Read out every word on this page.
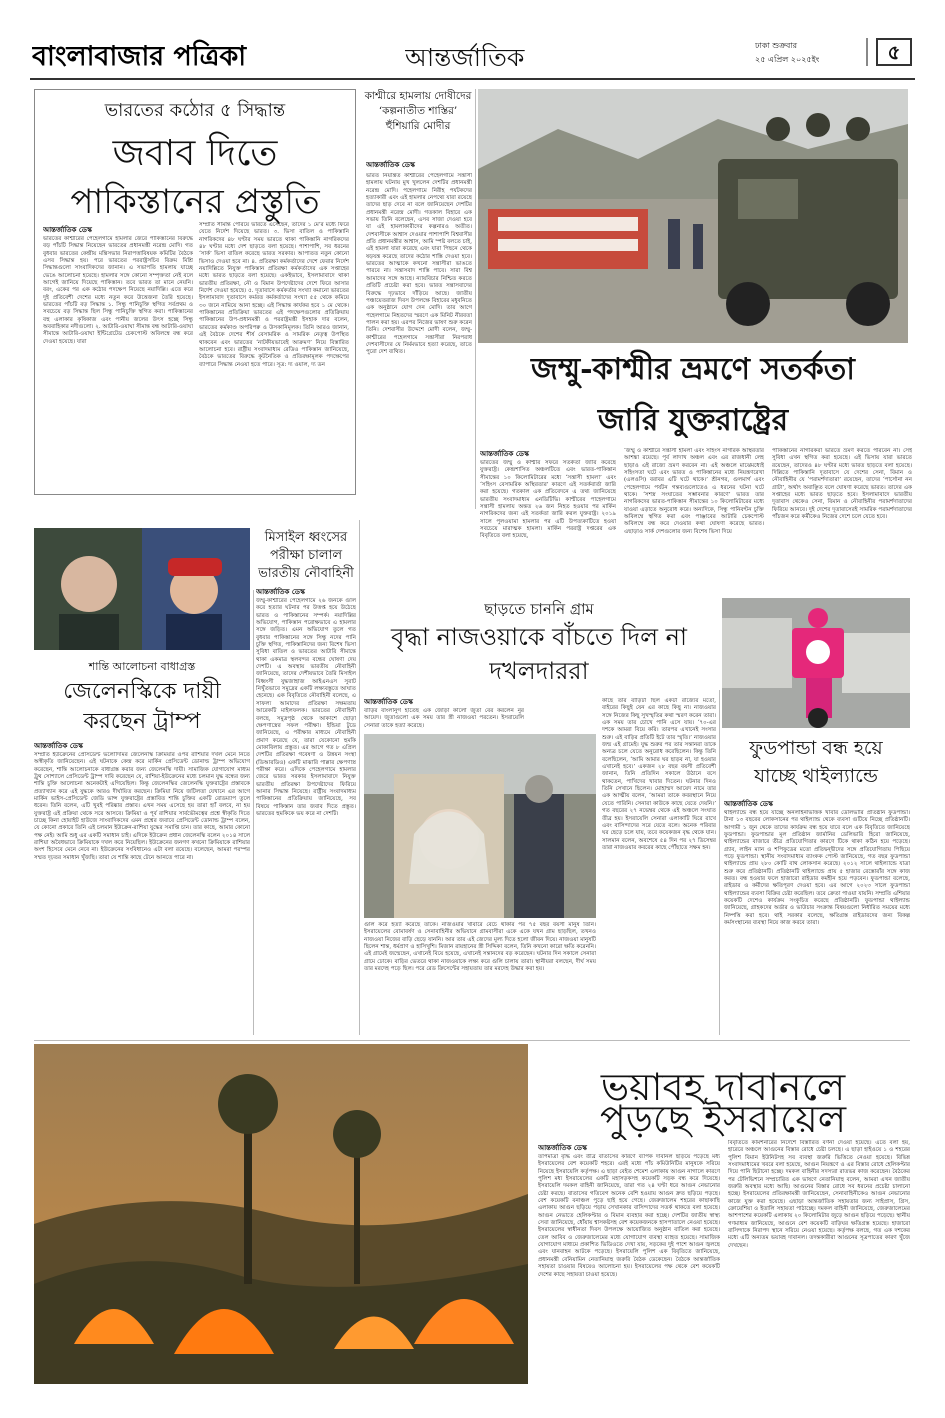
বাংলাবাজার পত্রিকা	আন্তর্জাতিক	ঢাকা শুক্রবার
২৫ এপ্রিল ২০২৫ইং	৫
ভারতের কঠোর ৫ সিদ্ধান্ত
জবাব দিতে
পাকিস্তানের প্রস্তুতি
আন্তর্জাতিক ডেস্ক
ভারতের কাশ্মীরের পেহেলগামে হামলার জেরে পাকিস্তানের বিরুদ্ধে বড় পাঁচটি সিদ্ধান্ত নিয়েছেন ভারতের প্রধানমন্ত্রী নরেন্দ্র মোদি। গত বুধবার ভারতের কেন্দ্রীয় মন্ত্রিসভার নিরাপত্তাবিষয়ক কমিটির বৈঠকে এসব সিদ্ধান্ত হয়। পরে ভারতের পররাষ্ট্রসচিব বিক্রম মিশ্রি সিদ্ধান্তগুলো সাংবাদিকদের জানান। এ সভাপতি হামলায় যাচ্ছে ভেঙে আলোচনা হয়েছে। হামলার সঙ্গে কোনো সম্পৃক্ততা নেই বলে আগেই জানিয়ে দিয়েছে পাকিস্তান। তবে ভারত তা মানে নেয়নি। বরং, একের পর এক কঠোর পদক্ষেপ নিয়েছে নয়াদিল্লি। এতে করে দুই প্রতিবেশী দেশের মধ্যে নতুন করে উত্তেজনা তৈরি হয়েছে। ভারতের পাঁচটি বড় সিদ্ধান্ত ১. সিন্ধু পানিচুক্তি স্থগিত সর্বপ্রথম ও সবচেয়ে বড় সিদ্ধান্ত ছিল সিন্ধু পানিচুক্তি স্থগিত করা। পাকিস্তানের বহু এলাকার কৃষিকাজ এবং পানীয় জলের উৎস হচ্ছে সিন্ধু অববাহিকার নদীগুলো। ২. আটারি-ওয়াঘা সীমান্ত বন্ধ আটারি-ওয়াঘা সীমান্তে আটারি-ওয়াঘা ইন্টিগ্রেটেড চেকপোস্ট অবিলম্বে বন্ধ করে দেওয়া হয়েছে। যারা
সম্প্রতি সীমান্ত পেরিয়ে ভারতে এসেছেন, তাদের ১ মে’র মধ্যে ফিরে যেতে নির্দেশ দিয়েছে ভারত। ৩. ভিসা বাতিল ও পাকিস্তানি নাগরিকদের ৪৮ ঘণ্টার সময় ভারতে থাকা পাকিস্তানি নাগরিকদের ৪৮ ঘণ্টার মধ্যে দেশ ছাড়তে বলা হয়েছে। পাশাপাশি, সব ধরনের ‘সার্ক’ ভিসা বাতিল করেছে ভারত সরকার। আপাতত নতুন কোনো ভিসাও দেওয়া হবে না। ৪. প্রতিরক্ষা কর্মকর্তাদের দেশে ফেরার নির্দেশ নয়াদিল্লিতে নিযুক্ত পাকিস্তান প্রতিরক্ষা কর্মকর্তাদের এক সপ্তাহের মধ্যে ভারত ছাড়তে বলা হয়েছে। একইভাবে, ইসলামাবাদে থাকা ভারতীয় প্রতিরক্ষা, নৌ ও বিমান উপদেষ্টাদের দেশে ফিরে আসার নির্দেশ দেওয়া হয়েছে। ৫. দূতাবাসে কর্মকর্তার সংখ্যা কমানো ভারতের ইসলামাবাদ দূতাবাসে কর্মরত কর্মকর্তাদের সংখ্যা ৫৫ থেকে কমিয়ে ৩০ জনে নামিয়ে আনা হচ্ছে। এই সিদ্ধান্ত কার্যকর হবে ১ মে থেকে। পাকিস্তানের প্রতিক্রিয়া ভারতের এই পদক্ষেপগুলোর প্রতিক্রিয়ায় পাকিস্তানের উপ-প্রধানমন্ত্রী ও পররাষ্ট্রমন্ত্রী ইসহাক দার বলেন, ভারতের কর্মকাণ্ড অপরিপক্ব ও উসকানিমূলক। তিনি আরও জানান, এই বৈঠকে দেশের শীর্ষ বেসামরিক ও সামরিক নেতৃত্ব উপস্থিত থাকবেন এবং ভারতের ‘নাটকীয়ভাবেই আক্রমণ’ নিয়ে বিস্তারিত আলোচনা হবে। রাষ্ট্রীয় সংবাদমাধ্যম রেডিও পাকিস্তান জানিয়েছে, বৈঠকে ভারতের বিরুদ্ধে কূটনৈতিক ও প্রতিরক্ষামূলক পদক্ষেপের ব্যাপারে সিদ্ধান্ত নেওয়া হতে পারে। সূত্র: দ্য ওয়াল, দ্য ডন
কাশ্মীরে হামলায় দোষীদের ‘কল্পনাতীত শাস্তির’ হুঁশিয়ারি মোদীর
আন্তর্জাতিক ডেস্ক
ভারত নিয়ন্ত্রিত কাশ্মীরের পেহেলগামে সন্ত্রাসী হামলায় ঘটনায় মুখ খুললেন দেশটির প্রধানমন্ত্রী নরেন্দ্র মোদি। পহেলগামে নিরীহ পর্যটকদের হত্যাকারী এবং এই হামলার নেপথ্যে যারা রয়েছে তাদের ছাড় দেবে না বলে জানিয়েছেন দেশটির প্রধানমন্ত্রী নরেন্দ্র মোদী। গতকাল বিহারে এক সভায় তিনি বলেছেন, এসব সাজা দেওয়া হবে যা এই হামলাকারীদের কল্পনারও অতীত। দেশবাসীকে আশ্বাস দেওয়ার পাশাপাশি বিশ্ববাসীর প্রতি প্রধানমন্ত্রীর আশ্বাস, আমি স্পষ্ট বলতে চাই, এই হামলা যারা করেছে এবং যারা পিছনে থেকে ষড়যন্ত্র করেছে তাদের কঠোর শাস্তি দেওয়া হবে। ভারতের আত্মাকে কখনো সন্ত্রাসীরা ভাঙতে পারবে না। সন্ত্রাসবাদ শাস্তি পাবে। সারা বিশ্ব আমাদের সঙ্গে আছে। ন্যায়বিচার নিশ্চিত করতে প্রতিটি প্রচেষ্টা করা হবে। ভারত সন্ত্রাসবাদের বিরুদ্ধে দৃঢ়ভাবে দাঁড়িয়ে আছে। জাতীয় পঞ্চায়েতরাজ দিবস উপলক্ষে বিহারের মধুবনিতে এক অনুষ্ঠানে যোগ দেন মোদি। তার আগে পহেলগামে নিহতদের স্মরণে এক মিনিট নীরবতা পালন করা হয়। এরপর নিজের ভাষণ শুরু করেন তিনি। দেশবাসীর উদ্দেশে মোদী বলেন, জম্মু-কাশ্মীরের পহেলগামে সন্ত্রাসীরা নিরপরাধ দেশবাসীদের যে নির্মমভাবে হত্যা করেছে, তাতে পুরো দেশ ব্যথিত।	জম্মু-কাশ্মীর ভ্রমণে সতর্কতা
জারি যুক্তরাষ্ট্রের
আন্তর্জাতিক ডেস্ক
ভারতের জম্মু ও কাশ্মীর সফরে সতর্কতা জারি করেছে যুক্তরাষ্ট্র। কেন্দ্রশাসিত অঞ্চলটিতে এবং ভারত-পাকিস্তান সীমান্তের ১০ কিলোমিটারের মধ্যে ‘সন্ত্রাসী হামলা’ এবং ‘সহিংস বেসামরিক অস্থিরতার’ কারণে এই সতর্কবার্তা জারি করা হয়েছে। গতকাল এক প্রতিবেদনে এ তথ্য জানিয়েছে ভারতীয় সংবাদমাধ্যম এনডিটিভি। কাশ্মীরের পাহেলগামে সন্ত্রাসী হামলায় অন্তত ২৬ জন নিহত হওয়ার পর মার্কিন নাগরিকদের জন্য এই সতর্কতা জারি করল যুক্তরাষ্ট্র। ২০১৯ সালে পুলওয়ামা হামলার পর এটি উপত্যকাটিতে হওয়া সবচেয়ে মারাত্মক হামলা। মার্কিন পররাষ্ট্র দপ্তরের এক বিবৃতিতে বলা হয়েছে,
‘জম্মু ও কাশ্মীরে সন্ত্রাসী হামলা এবং সহিংস নাগরিক অস্থিরতার আশঙ্কা রয়েছে। পূর্ব লাদাখ অঞ্চল এবং এর রাজধানী লেহ ছাড়াও এই রাজ্যে ভ্রমণ করবেন না। এই অঞ্চলে মাঝেমধ্যেই সহিংসতা ঘটে এবং ভারত ও পাকিস্তানের মধ্যে নিয়ন্ত্রণরেখা (এলওসি) বরাবর এটি ঘটে থাকে।’ শ্রীনগর, গুলমার্গ এবং পেহেলগামে পর্যটন গন্তব্যগুলোতেও এ ধরনের ঘটনা ঘটে থাকে। ‘সশস্ত্র সংঘাতের সম্ভাবনার কারণে’ ভারত তার নাগরিকদের ভারত-পাকিস্তান সীমান্তের ১০ কিলোমিটারের মধ্যে যাওয়া এড়াতে অনুরোধ করে। অন্যদিকে, সিন্ধু পানিবণ্টন চুক্তি অবিলম্বে স্থগিত করা এবং পাঞ্জাবের আটারি চেকপোস্ট অবিলম্বে বন্ধ করে দেওয়ার কথা ঘোষণা করেছে ভারত। এছাড়াও সার্ক দেশগুলোর জন্য বিশেষ ভিসা দিয়ে
পাকিস্তানের নাগরিকরা ভারতে ভ্রমণ করতে পারবেন না। সেই সুবিধা এখন স্থগিত করা হয়েছে। এই ভিসায় যারা ভারতে রয়েছেন, তাদেরও ৪৮ ঘণ্টার মধ্যে ভারত ছাড়তে বলা হয়েছে। দিল্লিতে পাকিস্তানি দূতাবাসে যে দেশের সেনা, বিমান ও নৌবাহিনীর যে ‘পরামর্শদাতারা’ রয়েছেন, তাদের ‘পার্সোনা নন গ্রাটা’, অর্থাৎ অবাঞ্ছিত বলে ঘোষণা করেছে ভারত। তাদের এক সপ্তাহের মধ্যে ভারত ছাড়তে হবে। ইসলামাবাদে ভারতীয় দূতাবাস থেকেও সেনা, বিমান ও নৌবাহিনীর পরামর্শদাতাদের ফিরিয়ে আনবে। দুই দেশের দূতাবাসেরই সামরিক পরামর্শদাতাদের পাঁচজন করে কর্মীকেও নিজের দেশে চলে যেতে হবে।
শান্তি আলোচনা বাধাগ্রস্ত
জেলেনস্কিকে দায়ী
করছেন ট্রাম্প
আন্তর্জাতিক ডেস্ক
সম্প্রতি ইউক্রেনের প্রেসিডেন্ট ভলোদিমির জেলেনস্কি ক্রিমিয়ার ওপর রাশিয়ার দখল মেনে নিতে অস্বীকৃতি জানিয়েছেন। এই ঘটনাকে কেন্দ্র করে মার্কিন প্রেসিডেন্ট ডোনাল্ড ট্রাম্প অভিযোগ করেছেন, শান্তি আলোচনাকে বাধাগ্রস্ত করার জন্য জেলেনস্কি দায়ী। সামাজিক যোগাযোগ মাধ্যম ট্রুথ সোশ্যালে প্রেসিডেন্ট ট্রাম্প দাবি করেছেন যে, রাশিয়া-ইউক্রেনের মধ্যে চলমান যুদ্ধ বন্ধের জন্য শান্তি চুক্তি আলোচনা অনেকটাই এগিয়েছিল। কিন্তু জেলেনস্কির জেলেনস্কি যুক্তরাষ্ট্রের প্রস্তাবকে প্রত্যাখ্যান করে এই যুদ্ধকে আরও দীর্ঘায়িত করছেন। ক্রিমিয়া নিয়ে জটিলতা যেখানে এর আগে মার্কিন ভাইস-প্রেসিডেন্ট জেডি ভান্স যুক্তরাষ্ট্রের প্রস্তাবিত শান্তি চুক্তির একটি রোডম্যাপ তুলে ধরেন। তিনি বলেন, এটি খুবই পরিষ্কার প্রস্তাব। এখন সময় এসেছে হয় তারা হ্যাঁ বলবে, না হয় যুক্তরাষ্ট্র এই প্রক্রিয়া থেকে সরে আসবে। ক্রিমিয়া ও পূর্ব রাশিয়ার সার্বভৌমত্বের প্রশ্নে স্বীকৃতি দিতে চাচ্ছে কিনা হোয়াইট হাউজে সাংবাদিকদের এমন প্রশ্নের জবাবে প্রেসিডেন্ট ডোনাল্ড ট্রাম্প বলেন, যে কোনো প্রকারে তিনি এই চলমান ইউক্রেন-রাশিয়া যুদ্ধের সমাপ্তি চান। তার কাছে, আমার কোনো পক্ষ নেই। আমি শুধু এর একটি সমাধান চাই। এদিকে ইউক্রেন প্রধান জেলেনস্কি বলেন ২০১৪ সালে রাশিয়া অবৈধভাবে ক্রিমিয়াকে দখল করে নিয়েছিল। ইউক্রেনের জনগণ কখনো ক্রিমিয়াকে রাশিয়ার অংশ হিসেবে মেনে নেবে না। ইউক্রেনের সংবিধানেও এটা বলা রয়েছে। বলেছেন, আমরা পরস্পর সম্মত দৃঢ়তর সমাধান খুঁজছি। তারা যে শান্তি কাছে টেনে আনতে পারে না।
মিসাইল ধ্বংসের
পরীক্ষা চালাল
ভারতীয় নৌবাহিনী
আন্তর্জাতিক ডেস্ক
জম্মু-কাশ্মীরের পেহেলগামে ২৬ জনকে গুলি করে হত্যার ঘটনার পর উত্তপ্ত হয়ে উঠেছে ভারত ও পাকিস্তানের সম্পর্ক। নয়াদিল্লির অভিযোগ, পাকিস্তান পরোক্ষভাবে এ হামলার সঙ্গে জড়িত। এমন অভিযোগ তুলে গত বুধবার পাকিস্তানের সঙ্গে সিন্ধু নদের পানি চুক্তি স্থগিত, পাকিস্তানিদের জন্য বিশেষ ভিসা সুবিধা বাতিল ও ভারতের আটারি সীমান্তে থাকা একমাত্র স্থলবন্দর বন্ধের ঘোষণা দেয় দেশটি। এ অবস্থায় ভারতীয় নৌবাহিনী জানিয়েছে, তাদের দেশীয়ভাবে তৈরি মিসাইল বিধ্বংসী যুদ্ধজাহাজ আইএনএস সুরাট নিখুঁতভাবে সমুদ্রের একটি লক্ষ্যবস্তুতে আঘাত হেনেছে। এক বিবৃতিতে নৌবাহিনী বলেছে, এ সাফল্য আমাদের প্রতিরক্ষা সক্ষমতায় আরেকটি মাইলফলক। ভারতের নৌবাহিনী বলছে, সমুদ্রপৃষ্ঠ থেকে আকাশে ছোড়া ক্ষেপণাস্ত্রের সফল পরীক্ষা। ইন্ডিয়া টুডে জানিয়েছে, এ পরীক্ষার মাধ্যমে নৌবাহিনী প্রমাণ করেছে যে, তারা যেকোনো হুমকি মোকাবিলায় প্রস্তুত। এর আগে গত ৮ এপ্রিল দেশটির প্রতিরক্ষা গবেষণা ও উন্নয়ন সংস্থা (ডিআরডিও) একটি মাঝারি পাল্লার ক্ষেপণাস্ত্র পরীক্ষা করে। এদিকে পেহেলগামে হামলার জেরে ভারত সরকার ইসলামাবাদে নিযুক্ত ভারতীয় প্রতিরক্ষা উপদেষ্টাদের ফিরিয়ে আনার সিদ্ধান্ত নিয়েছে। রাষ্ট্রীয় সংবাদমাধ্যম পাকিস্তানের প্রতিক্রিয়ায় জানিয়েছে, সব বিষয়ে পাকিস্তান তার জবাব দিতে প্রস্তুত। ভারতের হুমকিকে ভয় করে না দেশটি।
ছাড়তে চাননি গ্রাম
বৃদ্ধা নাজওয়াকে বাঁচতে দিল না দখলদাররা
আন্তর্জাতিক ডেস্ক
বাড়ির বাংলানুগ হাতেছ এক জোড়া কালো জুতা বের করলেন নুর আয়েদ। জুতাগুলো এক সময় তার স্ত্রী নাজওয়া পরতেন। ইসরায়েলি সেনারা তাকে হত্যা করেছে।
গুলি করে হত্যা করেছে তাকে। নাজওয়ার খাবারে বেঁচে থাকার পর ৭৫ বছর বয়সী মানুষ তিনি। ইসরায়েলের বোমাবর্ষণ ও সেনাবাহিনীর অভিযানে গ্রামবাসীরা একে একে যখন গ্রাম ছাড়ছিল, তখনও নাজওয়া নিজের বাড়ি ছেড়ে যাননি। আর তার এই জেদের মূল্য দিতে হলো জীবন দিয়ে। নাজওয়া মানুষটি ছিলেন শান্ত, ধর্মপ্রাণ ও হাসিখুশি। মিজান রায়হানের স্ত্রী সিদ্দিকা বলেন, তিনি কখনো কারো ক্ষতি করেননি। এই গ্রামেই জন্মেছেন, এখানেই বিয়ে হয়েছে, এখানেই সন্তানদের বড় করেছেন। ঘটনার দিন সকালে সেনারা গ্রামে ঢোকে। বাড়ির ভেতরে থাকা নাজওয়াকে লক্ষ্য করে গুলি চালায় তারা। স্থানীয়রা বলছেন, দীর্ঘ সময় তার মরদেহ পড়ে ছিল। পরে রেড ক্রিসেন্টের সহায়তায় তার মরদেহ উদ্ধার করা হয়।
কাছে তার বাড়িটা ছিল একটা রাজ্যের মতো, বাইরের কিছুই যেন এর কাছে কিছু না। নাজওয়ার সঙ্গে নিজের কিছু সুখস্মৃতির কথা স্মরণ করেন তারা। এক সময় তার চোখে পানি এসে যায়। ‘৭০-এর দশকে আমরা বিয়ে করি। তারপর এখানেই সংসার শুরু। এই বাড়ির প্রতিটি ইটে তার স্মৃতি।’ নাজওয়ার জন্ম এই গ্রামেই। যুদ্ধ শুরুর পর তার সন্তানরা তাকে অন্যত্র চলে যেতে অনুরোধ করেছিলেন। কিন্তু তিনি বলেছিলেন, ‘আমি আমার ঘর ছাড়ব না, যা হওয়ার এখানেই হবে।’ একজন ২৮ বছর বয়সী প্রতিবেশী জানান, তিনি প্রতিদিন সকালে উঠানে বসে থাকতেন, পাখিদের খাবার দিতেন। ঘটনার দিনও তিনি সেখানে ছিলেন। মোহাম্মদ আয়েদ নামে তার এক আত্মীয় বলেন, ‘আমরা তাকে কবরস্থানে নিয়ে যেতে পারিনি। সেনারা কাউকে কাছে যেতে দেয়নি।’ গত বছরের ২৭ নভেম্বর থেকে এই অঞ্চলে সংঘাত তীব্র হয়। ইসরায়েলি সেনারা এলাকাটি ঘিরে রাখে এবং বাসিন্দাদের সরে যেতে বলে। অনেক পরিবার ঘর ছেড়ে চলে যায়, তবে কয়েকজন বৃদ্ধ থেকে যান। সালমান বলেন, অবশেষে ৫৪ দিন পর ২৭ ডিসেম্বর তারা নাজওয়ার কবরের কাছে পৌঁছাতে সক্ষম হন।
ফুডপান্ডা বন্ধ হয়ে
যাচ্ছে থাইল্যান্ডে
আন্তর্জাতিক ডেস্ক
থাইল্যান্ডে বন্ধ হয়ে যাচ্ছে অনলাইনভিত্তিক খাবার ডেলিভারি প্রতিষ্ঠান ফুডপান্ডা। টানা ১৩ বছরের লোকসানের পর থাইল্যান্ড থেকে ব্যবসা গুটিয়ে নিচ্ছে প্রতিষ্ঠানটি। আগামী ১ জুন থেকে তাদের কার্যক্রম বন্ধ হয়ে যাবে বলে এক বিবৃতিতে জানিয়েছে ফুডপান্ডা। ফুডপান্ডার মূল প্রতিষ্ঠান জার্মানির ডেলিভারি হিরো জানিয়েছে, থাইল্যান্ডের বাজারে তীব্র প্রতিযোগিতার কারণে টিকে থাকা কঠিন হয়ে পড়েছে। গ্র্যাব, লাইন ম্যান ও শপিফুডের মতো প্রতিদ্বন্দ্বীদের সঙ্গে প্রতিযোগিতায় পিছিয়ে পড়ে ফুডপান্ডা। স্থানীয় সংবাদমাধ্যম ব্যাংকক পোস্ট জানিয়েছে, গত বছর ফুডপান্ডা থাইল্যান্ডে প্রায় ২৮০ কোটি বাথ লোকসান করেছে। ২০১২ সালে থাইল্যান্ডে যাত্রা শুরু করে প্রতিষ্ঠানটি। প্রতিষ্ঠানটি থাইল্যান্ডে প্রায় ৫ হাজার রেস্তোরাঁর সঙ্গে কাজ করত। বন্ধ হওয়ার ফলে হাজারো রাইডার কর্মহীন হয়ে পড়বেন। ফুডপান্ডা বলেছে, রাইডার ও কর্মীদের ক্ষতিপূরণ দেওয়া হবে। এর আগে ২০২৩ সালে ফুডপান্ডা থাইল্যান্ডের ব্যবসা বিক্রির চেষ্টা করেছিল। তবে ক্রেতা পাওয়া যায়নি। সম্প্রতি এশিয়ার কয়েকটি দেশেও কার্যক্রম সংকুচিত করেছে প্রতিষ্ঠানটি। ফুডপান্ডা থাইল্যান্ড জানিয়েছে, গ্রাহকদের অর্ডার ও ভাউচার সংক্রান্ত বিষয়গুলো নির্ধারিত সময়ের মধ্যে নিষ্পত্তি করা হবে। থাই সরকার বলেছে, ক্ষতিগ্রস্ত রাইডারদের জন্য বিকল্প কর্মসংস্থানের ব্যবস্থা নিয়ে কাজ করবে তারা।
ভয়াবহ দাবানলে
পুড়ছে ইসরায়েল
আন্তর্জাতিক ডেস্ক
তাপমাত্রা বৃদ্ধি এবং তীব্র বাতাসের কারণে ব্যাপক দাবানল ছড়িয়ে পড়েছে মধ্য ইসরায়েলের বেশ কয়েকটি শহরে। এরই মধ্যে পাঁচ কমিউনিটির মানুষকে সরিয়ে নিয়েছে ইসরায়েলি কর্তৃপক্ষ। এ ছাড়া বেইত শেমেশ এলাকায় আগুন নাগালে কারণে পুলিশ মধ্য ইসরায়েলের একটি মহাসড়কসহ কয়েকটি সড়ক বন্ধ করে দিয়েছে। ইসরায়েলি দমকল বাহিনী জানিয়েছে, তারা গত ২৪ ঘণ্টা ধরে আগুন নেভানোর চেষ্টা করছে। বাতাসের গতিবেগ অনেক বেশি হওয়ায় আগুন দ্রুত ছড়িয়ে পড়ছে। বেশ কয়েকটি বনাঞ্চল পুড়ে ছাই হয়ে গেছে। জেরুজালেম শহরের কাছাকাছি এলাকায় আগুন ছড়িয়ে পড়ায় সেখানকার বাসিন্দাদের সতর্ক থাকতে বলা হয়েছে। আগুন নেভাতে হেলিকপ্টার ও বিমান ব্যবহার করা হচ্ছে। দেশটির জাতীয় স্বাস্থ্য সেবা জানিয়েছে, ধোঁয়ায় শ্বাসকষ্টসহ বেশ কয়েকজনকে হাসপাতালে নেওয়া হয়েছে। ইসরায়েলের স্বাধীনতা দিবস উপলক্ষে আয়োজিত অনুষ্ঠান বাতিল করা হয়েছে। তেল আবিব ও জেরুজালেমের মধ্যে যোগাযোগ ব্যবস্থা ব্যাহত হয়েছে। সামাজিক যোগাযোগ মাধ্যমে প্রকাশিত ভিডিওতে দেখা যায়, সড়কের দুই পাশে আগুন জ্বলছে এবং যানবাহন আটকে পড়েছে। ইসরায়েলি পুলিশ এক বিবৃতিতে জানিয়েছে, প্রধানমন্ত্রী বেনিয়ামিন নেতানিয়াহু জরুরি বৈঠক ডেকেছেন। বৈঠকে আন্তর্জাতিক সহায়তা চাওয়ার বিষয়েও আলোচনা হয়। ইসরায়েলের পক্ষ থেকে বেশ কয়েকটি দেশের কাছে সহায়তা চাওয়া হয়েছে।
বিবৃতিতে কমিশনারের নির্দেশে বিস্তারিত বর্ণনা দেওয়া হয়েছে। এতে বলা হয়, হারেরে অঞ্চলে আগুনের বিস্তার রোধে চেষ্টা চলছে। এ ছাড়া হাইওয়ে ১ ও শহরের পুলিশ বিমান ইউনিটসহ সব ব্যবস্থা জরুরি ভিত্তিতে নেওয়া হয়েছে। বিভিন্ন সংবাদমাধ্যমের খবরে বলা হয়েছে, আগুন নিয়ন্ত্রণে ও এর বিস্তার রোধে হেলিকপ্টার দিয়ে পানি ছিটানো হচ্ছে। দমকল বাহিনীর সদস্যরা রাতভর কাজ করেছেন। বৈঠকের পর টেলিভিশনে সম্প্রচারিত এক ভাষণে নেতানিয়াহু বলেন, আমরা এখন জাতীয় জরুরি অবস্থার মধ্যে আছি। আগুনের বিস্তার রোধে সব ধরনের প্রচেষ্টা চালানো হচ্ছে। ইসরায়েলের প্রতিরক্ষামন্ত্রী জানিয়েছেন, সেনাবাহিনীকেও আগুন নেভানোর কাজে যুক্ত করা হয়েছে। এছাড়া আন্তর্জাতিক সহায়তার জন্য সাইপ্রাস, গ্রিস, ক্রোয়েশিয়া ও ইতালি সহায়তা পাঠাচ্ছে। দমকল বাহিনী জানিয়েছে, জেরুজালেমের আশপাশের কয়েকটি এলাকায় ২০ কিলোমিটার জুড়ে আগুন ছড়িয়ে পড়েছে। স্থানীয় গণমাধ্যম জানিয়েছে, আগুনে বেশ কয়েকটি বাড়িঘর ক্ষতিগ্রস্ত হয়েছে। হাজারো বাসিন্দাকে নিরাপদ স্থানে সরিয়ে নেওয়া হয়েছে। কর্তৃপক্ষ বলছে, গত এক দশকের মধ্যে এটি অন্যতম ভয়াবহ দাবানল। তদন্তকারীরা আগুনের সূত্রপাতের কারণ খুঁজে দেখছেন।
